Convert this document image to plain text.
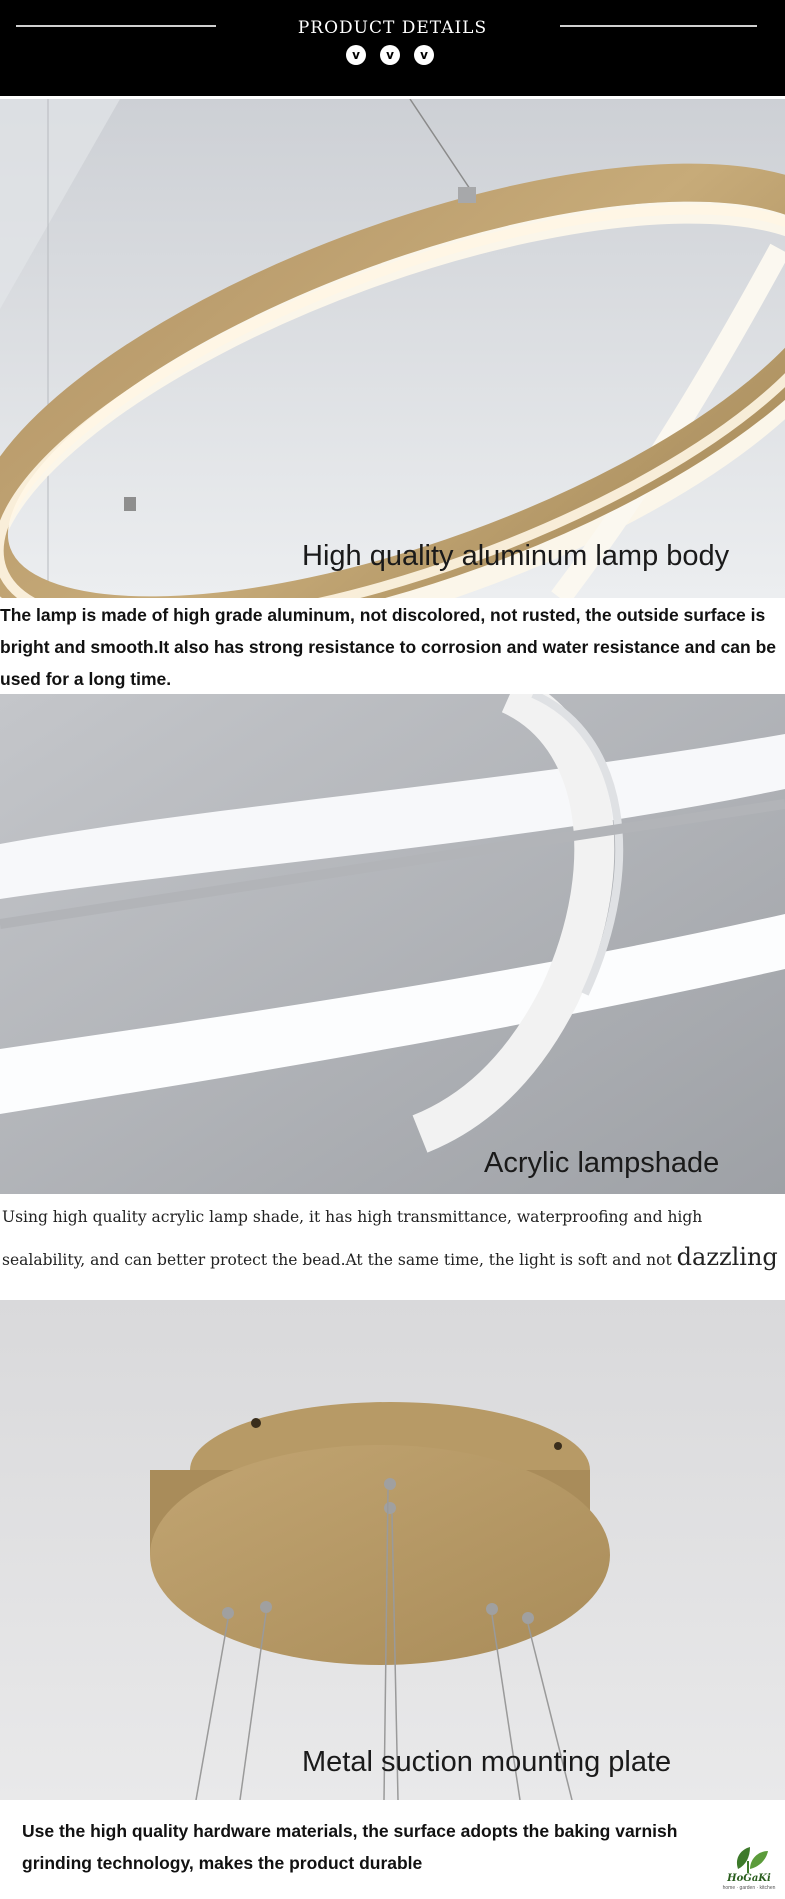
PRODUCT DETAILS
v	v	v
High quality aluminum lamp body
The lamp is made of high grade aluminum, not discolored, not rusted, the outside surface is bright and smooth.It also has strong resistance to corrosion and water resistance and can be used for a long time.
Acrylic lampshade
Using high quality acrylic lamp shade, it has high transmittance, waterproofing and high sealability, and can better protect the bead.At the same time, the light is soft and not dazzling
Metal suction mounting plate
Use the high quality hardware materials, the surface adopts the baking varnish grinding technology, makes the product durable
HoGaKi
home · garden · kitchen
